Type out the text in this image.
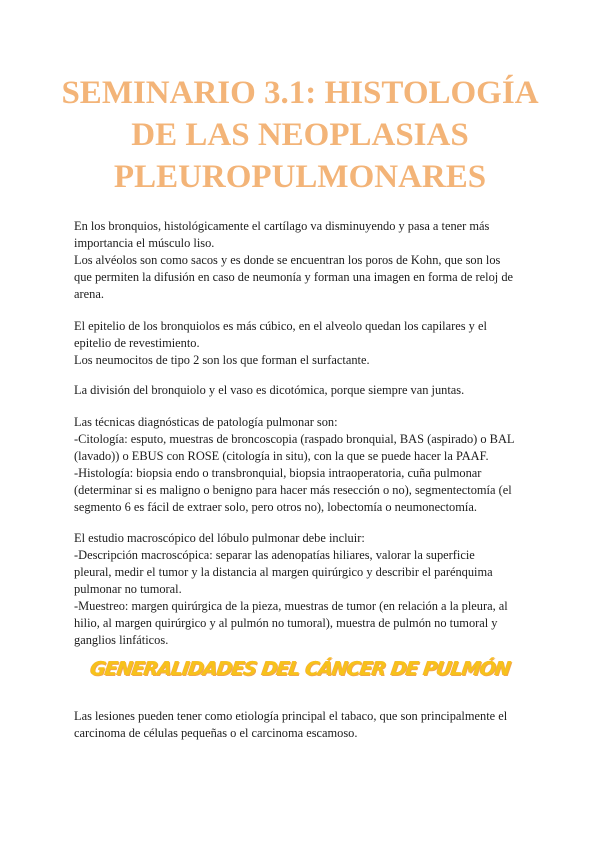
SEMINARIO 3.1: HISTOLOGÍA
DE LAS NEOPLASIAS
PLEUROPULMONARES

En los bronquios, histológicamente el cartílago va disminuyendo y pasa a tener más
importancia el músculo liso.
Los alvéolos son como sacos y es donde se encuentran los poros de Kohn, que son los
que permiten la difusión en caso de neumonía y forman una imagen en forma de reloj de
arena.

El epitelio de los bronquiolos es más cúbico, en el alveolo quedan los capilares y el
epitelio de revestimiento.
Los neumocitos de tipo 2 son los que forman el surfactante.

La división del bronquiolo y el vaso es dicotómica, porque siempre van juntas.

Las técnicas diagnósticas de patología pulmonar son:
-Citología: esputo, muestras de broncoscopia (raspado bronquial, BAS (aspirado) o BAL
(lavado)) o EBUS con ROSE (citología in situ), con la que se puede hacer la PAAF.
-Histología: biopsia endo o transbronquial, biopsia intraoperatoria, cuña pulmonar
(determinar si es maligno o benigno para hacer más resección o no), segmentectomía (el
segmento 6 es fácil de extraer solo, pero otros no), lobectomía o neumonectomía.

El estudio macroscópico del lóbulo pulmonar debe incluir:
-Descripción macroscópica: separar las adenopatías hiliares, valorar la superficie
pleural, medir el tumor y la distancia al margen quirúrgico y describir el parénquima
pulmonar no tumoral.
-Muestreo: margen quirúrgica de la pieza, muestras de tumor (en relación a la pleura, al
hilio, al margen quirúrgico y al pulmón no tumoral), muestra de pulmón no tumoral y
ganglios linfáticos.

GENERALIDADES DEL CÁNCER DE PULMÓN

Las lesiones pueden tener como etiología principal el tabaco, que son principalmente el
carcinoma de células pequeñas o el carcinoma escamoso.
